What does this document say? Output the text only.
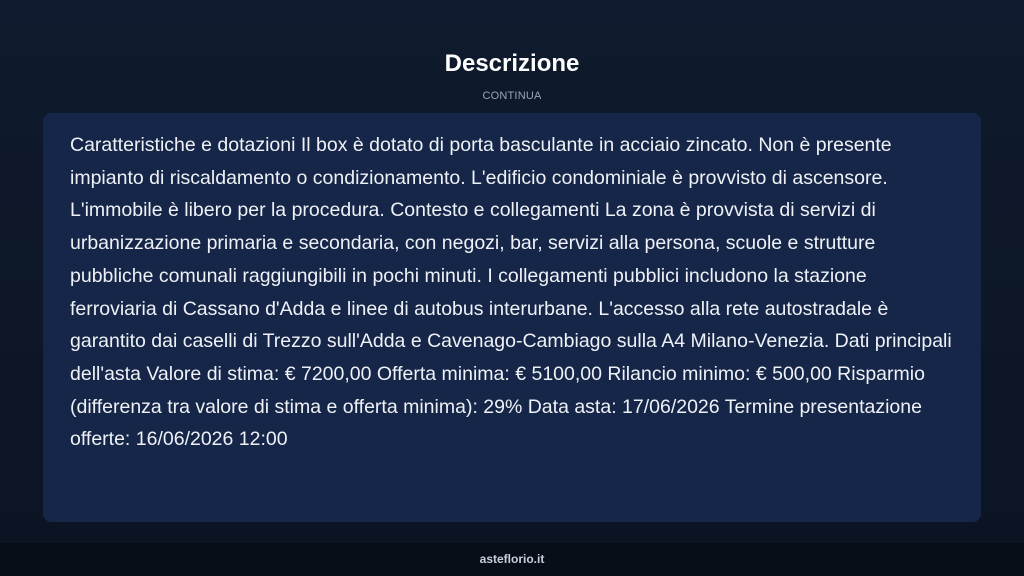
Descrizione
CONTINUA

Caratteristiche e dotazioni Il box è dotato di porta basculante in acciaio zincato. Non è presente impianto di riscaldamento o condizionamento. L'edificio condominiale è provvisto di ascensore. L'immobile è libero per la procedura. Contesto e collegamenti La zona è provvista di servizi di urbanizzazione primaria e secondaria, con negozi, bar, servizi alla persona, scuole e strutture pubbliche comunali raggiungibili in pochi minuti. I collegamenti pubblici includono la stazione ferroviaria di Cassano d'Adda e linee di autobus interurbane. L'accesso alla rete autostradale è garantito dai caselli di Trezzo sull'Adda e Cavenago-Cambiago sulla A4 Milano-Venezia. Dati principali dell'asta Valore di stima: € 7200,00 Offerta minima: € 5100,00 Rilancio minimo: € 500,00 Risparmio (differenza tra valore di stima e offerta minima): 29% Data asta: 17/06/2026 Termine presentazione offerte: 16/06/2026 12:00

asteflorio.it
